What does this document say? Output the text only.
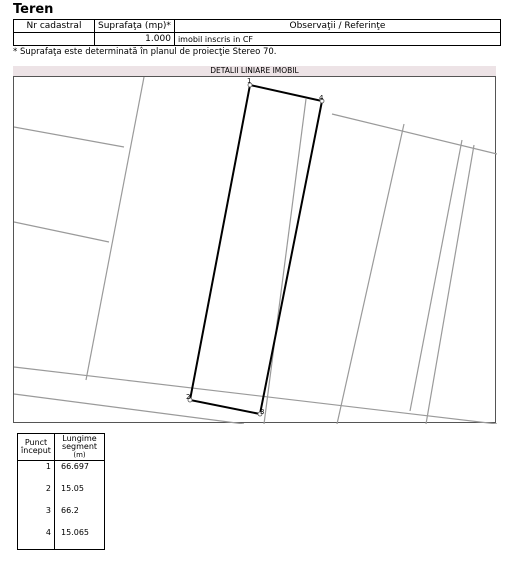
Teren
Nr cadastral	Suprafaţa (mp)*	Observaţii / Referinţe
	1.000	imobil inscris in CF
* Suprafaţa este determinată în planul de proiecţie Stereo 70.
DETALII LINIARE IMOBIL
1
2
3
4
Punct început	Lungime segment
(m)
1	66.697
2	15.05
3	66.2
4	15.065
